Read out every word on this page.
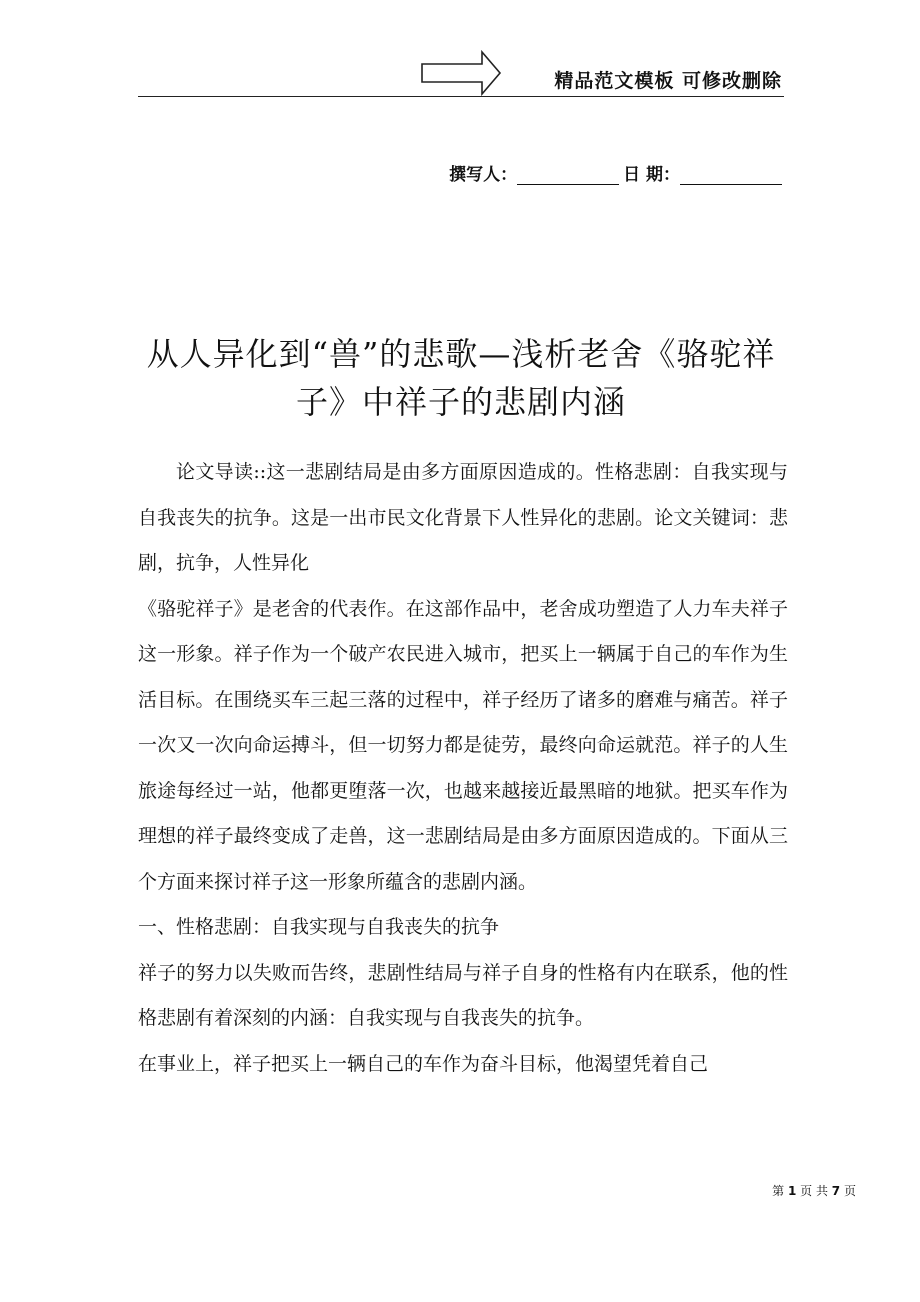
精品范文模板 可修改删除
撰写人：	日 期：
从人异化到“兽”的悲歌—浅析老舍《骆驼祥
子》中祥子的悲剧内涵

论文导读::这一悲剧结局是由多方面原因造成的。性格悲剧：自我实现与自我丧失的抗争。这是一出市民文化背景下人性异化的悲剧。论文关键词：悲剧，抗争，人性异化

《骆驼祥子》是老舍的代表作。在这部作品中，老舍成功塑造了人力车夫祥子这一形象。祥子作为一个破产农民进入城市，把买上一辆属于自己的车作为生活目标。在围绕买车三起三落的过程中，祥子经历了诸多的磨难与痛苦。祥子一次又一次向命运搏斗，但一切努力都是徒劳，最终向命运就范。祥子的人生旅途每经过一站，他都更堕落一次，也越来越接近最黑暗的地狱。把买车作为理想的祥子最终变成了走兽，这一悲剧结局是由多方面原因造成的。下面从三个方面来探讨祥子这一形象所蕴含的悲剧内涵。

一、性格悲剧：自我实现与自我丧失的抗争

祥子的努力以失败而告终，悲剧性结局与祥子自身的性格有内在联系，他的性格悲剧有着深刻的内涵：自我实现与自我丧失的抗争。

在事业上，祥子把买上一辆自己的车作为奋斗目标，他渴望凭着自己

第 1 页 共 7 页
